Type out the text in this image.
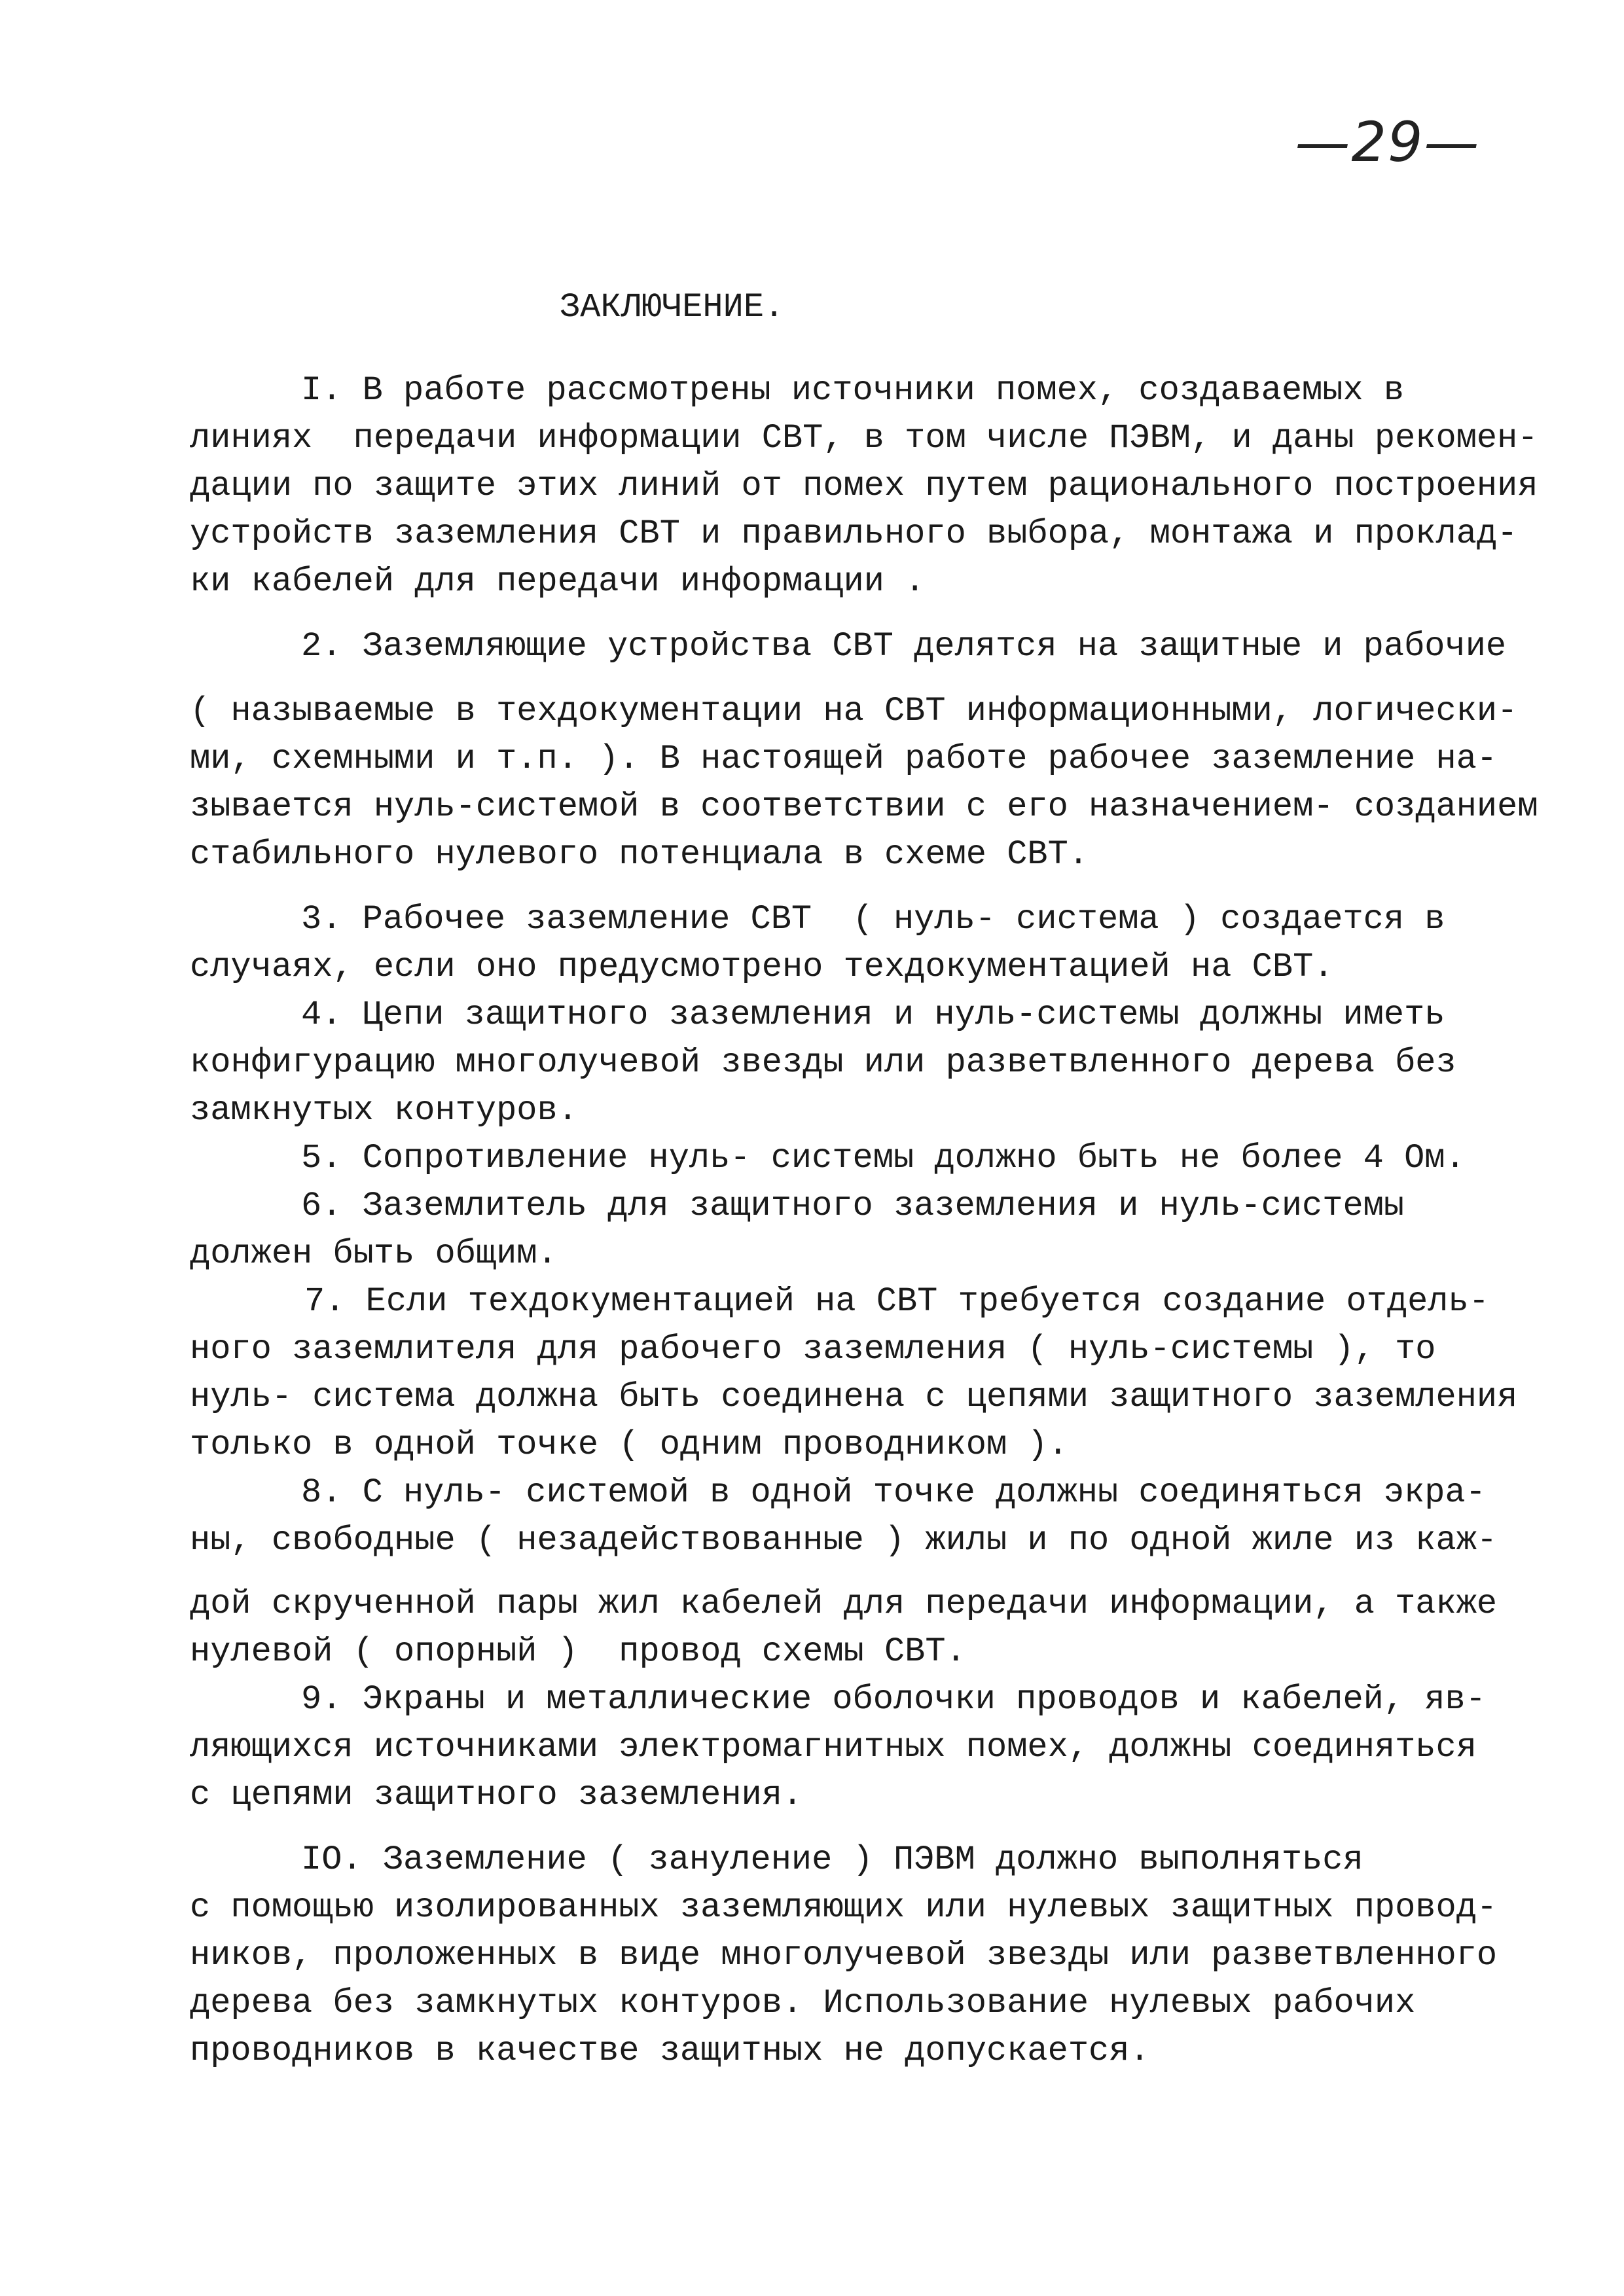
—29—
ЗАКЛЮЧЕНИЕ.
I. В работе рассмотрены источники помех, создаваемых в
линиях  передачи информации СВТ, в том числе ПЭВМ, и даны рекомен-
дации по защите этих линий от помех путем рационального построения
устройств заземления СВТ и правильного выбора, монтажа и проклад-
ки кабелей для передачи информации .
2. Заземляющие устройства СВТ делятся на защитные и рабочие
( называемые в техдокументации на СВТ информационными, логически-
ми, схемными и т.п. ). В настоящей работе рабочее заземление на-
зывается нуль-системой в соответствии с его назначением- созданием
стабильного нулевого потенциала в схеме СВТ.
3. Рабочее заземление СВТ  ( нуль- система ) создается в
случаях, если оно предусмотрено техдокументацией на СВТ.
4. Цепи защитного заземления и нуль-системы должны иметь
конфигурацию многолучевой звезды или разветвленного дерева без
замкнутых контуров.
5. Сопротивление нуль- системы должно быть не более 4 Ом.
6. Заземлитель для защитного заземления и нуль-системы
должен быть общим.
7. Если техдокументацией на СВТ требуется создание отдель-
ного заземлителя для рабочего заземления ( нуль-системы ), то
нуль- система должна быть соединена с цепями защитного заземления
только в одной точке ( одним проводником ).
8. С нуль- системой в одной точке должны соединяться экра-
ны, свободные ( незадействованные ) жилы и по одной жиле из каж-
дой скрученной пары жил кабелей для передачи информации, а также
нулевой ( опорный )  провод схемы СВТ.
9. Экраны и металлические оболочки проводов и кабелей, яв-
ляющихся источниками электромагнитных помех, должны соединяться
с цепями защитного заземления.
IO. Заземление ( зануление ) ПЭВМ должно выполняться
с помощью изолированных заземляющих или нулевых защитных провод-
ников, проложенных в виде многолучевой звезды или разветвленного
дерева без замкнутых контуров. Использование нулевых рабочих
проводников в качестве защитных не допускается.
